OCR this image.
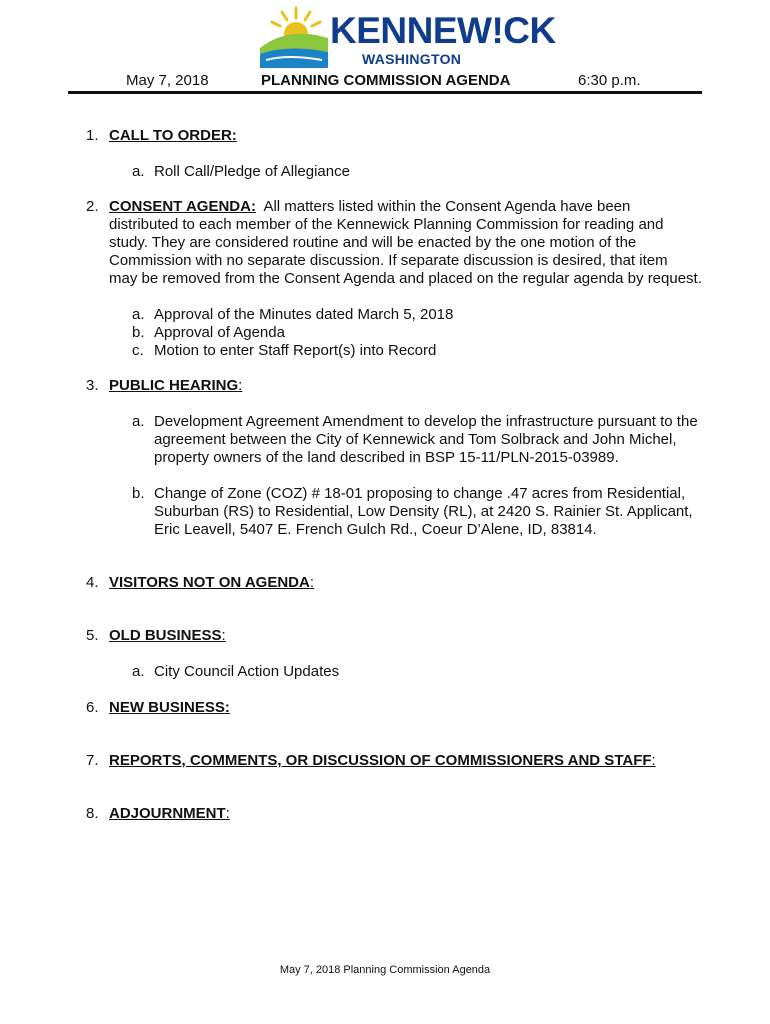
KENNEW!CK
WASHINGTON
May 7, 2018	PLANNING COMMISSION AGENDA	6:30 p.m.
1. CALL TO ORDER:
a. Roll Call/Pledge of Allegiance
2. CONSENT AGENDA: All matters listed within the Consent Agenda have been
distributed to each member of the Kennewick Planning Commission for reading and
study. They are considered routine and will be enacted by the one motion of the
Commission with no separate discussion. If separate discussion is desired, that item
may be removed from the Consent Agenda and placed on the regular agenda by request.
a. Approval of the Minutes dated March 5, 2018
b. Approval of Agenda
c. Motion to enter Staff Report(s) into Record
3. PUBLIC HEARING:
a. Development Agreement Amendment to develop the infrastructure pursuant to the
agreement between the City of Kennewick and Tom Solbrack and John Michel,
property owners of the land described in BSP 15-11/PLN-2015-03989.
b. Change of Zone (COZ) # 18-01 proposing to change .47 acres from Residential,
Suburban (RS) to Residential, Low Density (RL), at 2420 S. Rainier St. Applicant,
Eric Leavell, 5407 E. French Gulch Rd., Coeur D’Alene, ID, 83814.
4. VISITORS NOT ON AGENDA:
5. OLD BUSINESS:
a. City Council Action Updates
6. NEW BUSINESS:
7. REPORTS, COMMENTS, OR DISCUSSION OF COMMISSIONERS AND STAFF:
8. ADJOURNMENT:
May 7, 2018 Planning Commission Agenda
